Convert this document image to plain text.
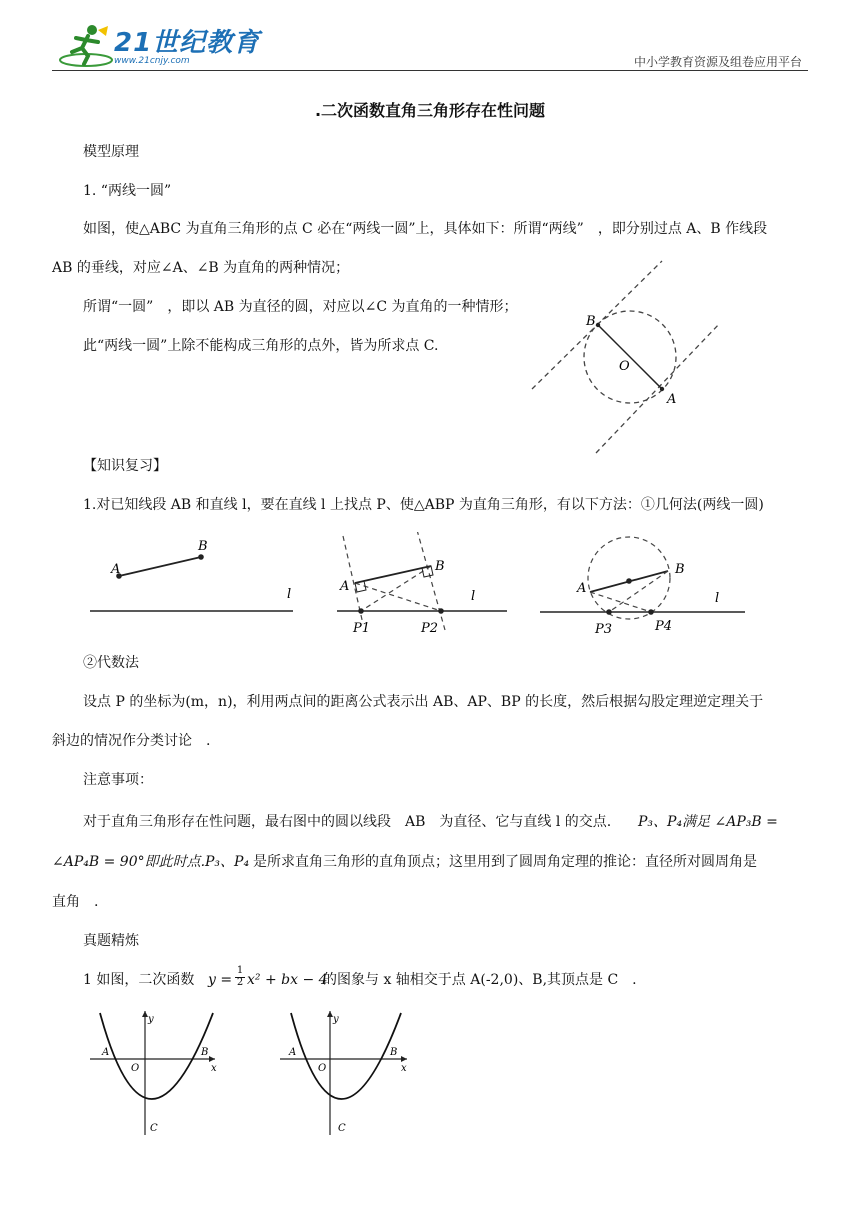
21世纪教育
www.21cnjy.com	中小学教育资源及组卷应用平台
.二次函数直角三角形存在性问题
模型原理
1. “两线一圆”
如图，使△ABC 为直角三角形的点 C 必在“两线一圆”上，具体如下：所谓“两线”　，即分别过点 A、B 作线段
AB 的垂线，对应∠A、∠B 为直角的两种情况；
所谓“一圆”　，即以 AB 为直径的圆，对应以∠C 为直角的一种情形；
此“两线一圆”上除不能构成三角形的点外，皆为所求点 C.
B
O
A
【知识复习】
1.对已知线段 AB 和直线 l，要在直线 l 上找点 P、使△ABP 为直角三角形，有以下方法：①几何法(两线一圆)
A
B
l
A
B
l
P1	P2
A
B
l
P3	P4
②代数法
设点 P 的坐标为(m，n)，利用两点间的距离公式表示出 AB、AP、BP 的长度，然后根据勾股定理逆定理关于
斜边的情况作分类讨论　.
注意事项：
对于直角三角形存在性问题，最右图中的圆以线段　AB　为直径、它与直线 l 的交点. P₃、P₄满足 ∠AP₃B =
∠AP₄B = 90°即此时点. P₃、P₄ 是所求直角三角形的直角顶点；这里用到了圆周角定理的推论：直径所对圆周角是
直角　.
真题精炼
1 如图，二次函数 $y = \frac{1}{2} x^2$ + bx − 4
的图象与 x 轴相交于点 A(-2,0)、B,其顶点是 C　.
y
A
O
B
x
C
y
A
O
B
x
C
